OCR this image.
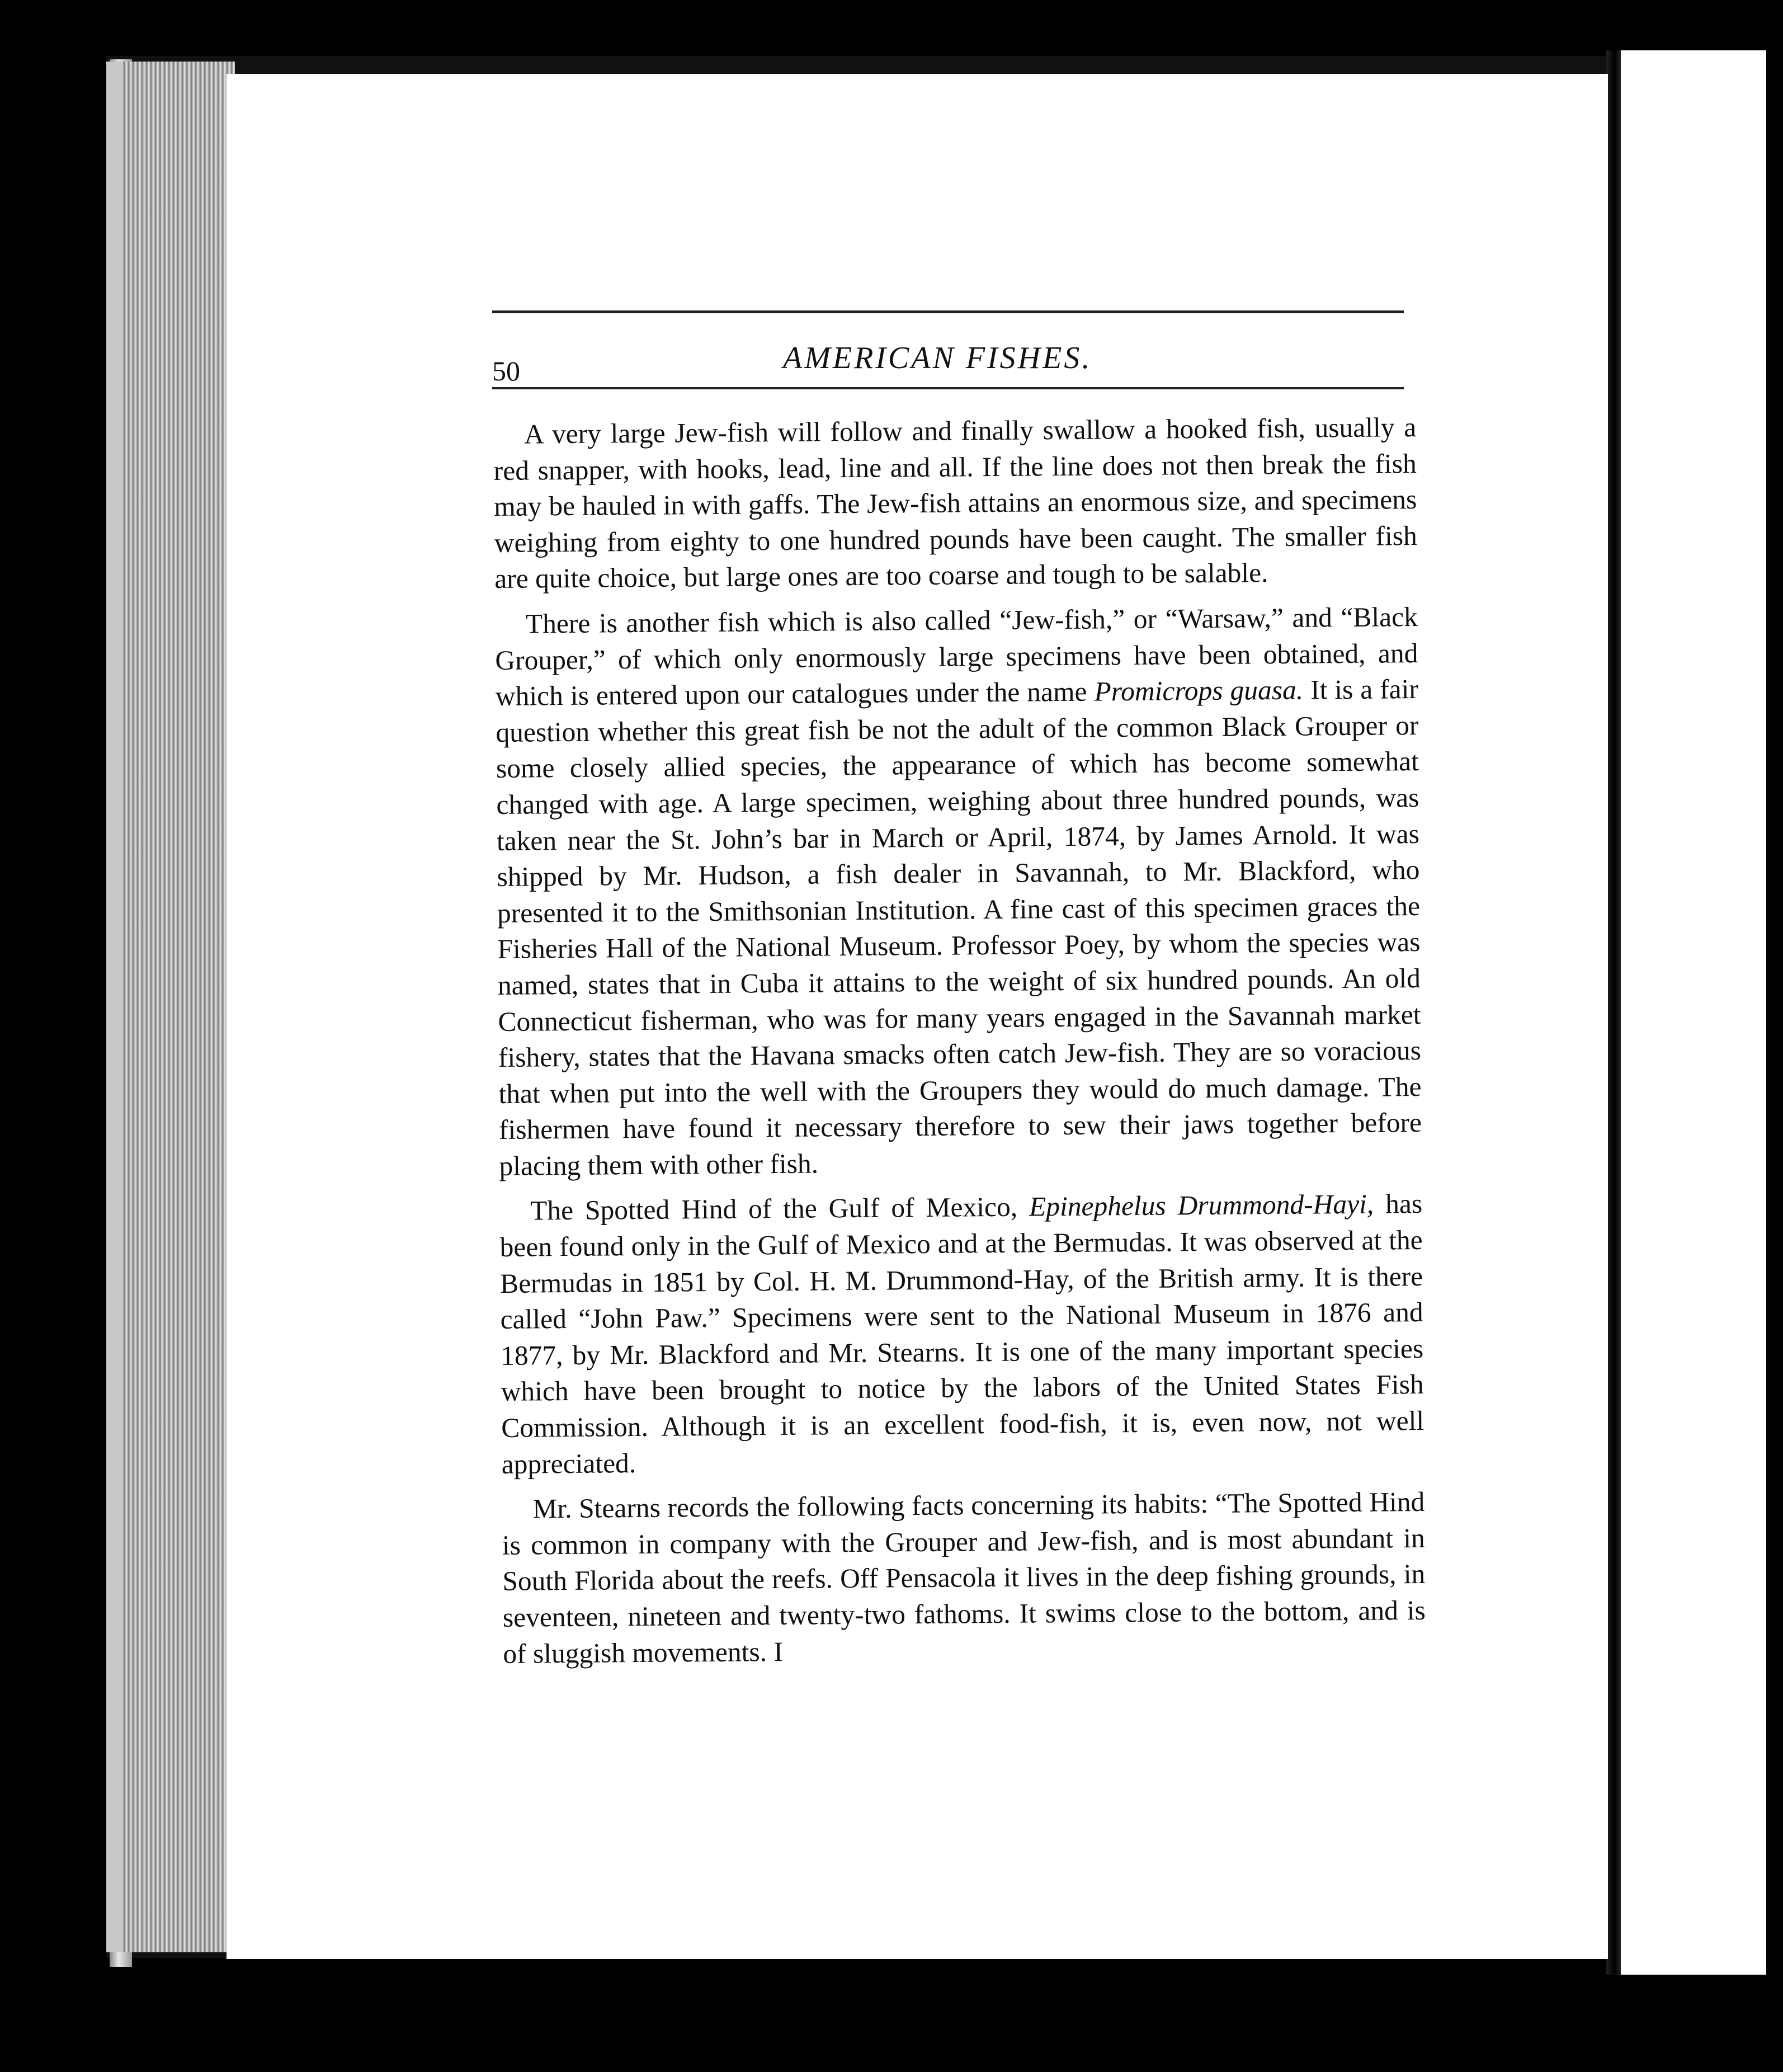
50	AMERICAN FISHES.

A very large Jew-fish will follow and finally swallow a hooked fish, usually a red snapper, with hooks, lead, line and all. If the line does not then break the fish may be hauled in with gaffs. The Jew-fish attains an enormous size, and specimens weighing from eighty to one hundred pounds have been caught. The smaller fish are quite choice, but large ones are too coarse and tough to be salable.

There is another fish which is also called “Jew-fish,” or “Warsaw,” and “Black Grouper,” of which only enormously large specimens have been obtained, and which is entered upon our catalogues under the name Promicrops guasa. It is a fair question whether this great fish be not the adult of the common Black Grouper or some closely allied species, the appearance of which has become somewhat changed with age. A large specimen, weighing about three hundred pounds, was taken near the St. John’s bar in March or April, 1874, by James Arnold. It was shipped by Mr. Hudson, a fish dealer in Savannah, to Mr. Blackford, who presented it to the Smithsonian Institution. A fine cast of this specimen graces the Fisheries Hall of the National Museum. Professor Poey, by whom the species was named, states that in Cuba it attains to the weight of six hundred pounds. An old Connecticut fisherman, who was for many years engaged in the Savannah market fishery, states that the Havana smacks often catch Jew-fish. They are so voracious that when put into the well with the Groupers they would do much damage. The fishermen have found it necessary therefore to sew their jaws together before placing them with other fish.

The Spotted Hind of the Gulf of Mexico, Epinephelus Drummond-Hayi, has been found only in the Gulf of Mexico and at the Bermudas. It was observed at the Bermudas in 1851 by Col. H. M. Drummond-Hay, of the British army. It is there called “John Paw.” Specimens were sent to the National Museum in 1876 and 1877, by Mr. Blackford and Mr. Stearns. It is one of the many important species which have been brought to notice by the labors of the United States Fish Commission. Although it is an excellent food-fish, it is, even now, not well appreciated.

Mr. Stearns records the following facts concerning its habits: “The Spotted Hind is common in company with the Grouper and Jew-fish, and is most abundant in South Florida about the reefs. Off Pensacola it lives in the deep fishing grounds, in seventeen, nineteen and twenty-two fathoms. It swims close to the bottom, and is of sluggish movements. I
